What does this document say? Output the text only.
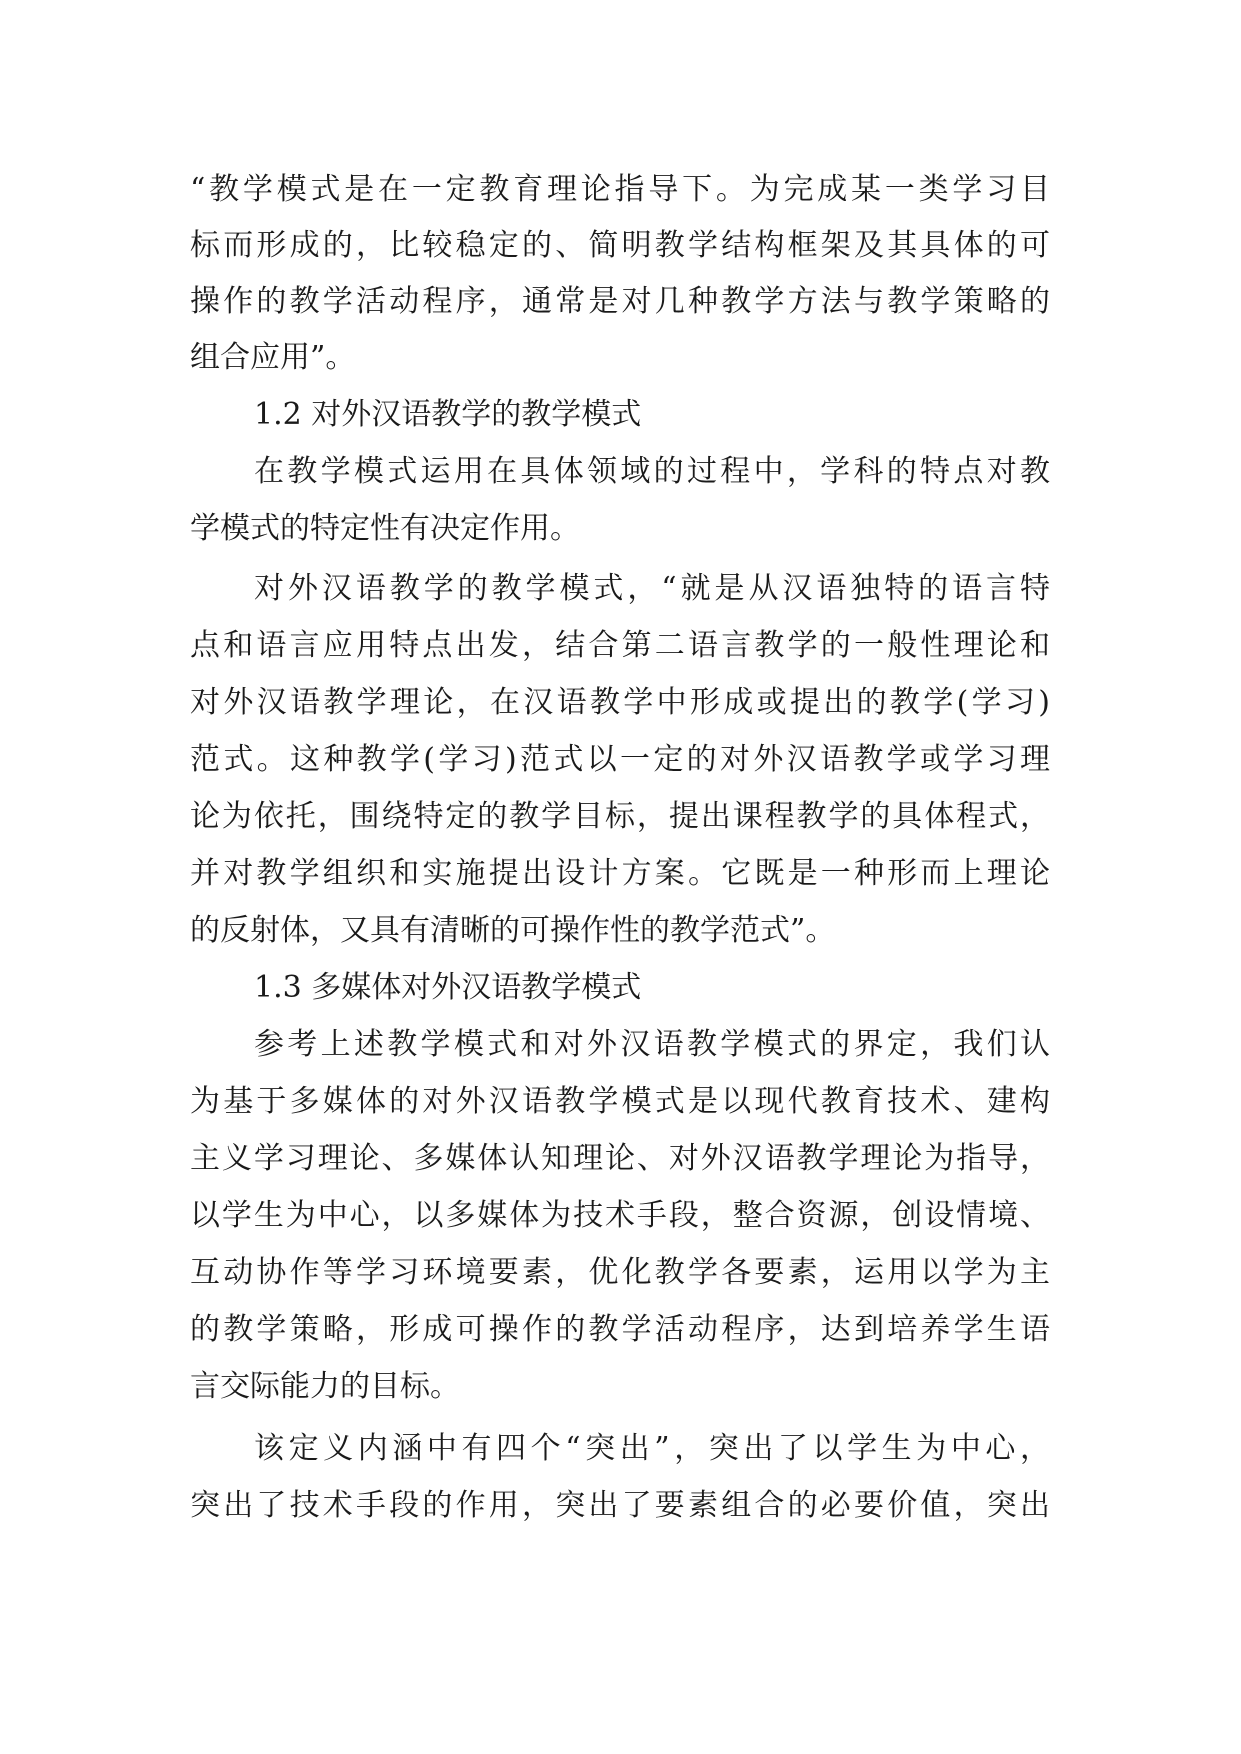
“教学模式是在一定教育理论指导下。为完成某一类学习目
标而形成的，比较稳定的、简明教学结构框架及其具体的可
操作的教学活动程序，通常是对几种教学方法与教学策略的
组合应用”。
1.2 对外汉语教学的教学模式
在教学模式运用在具体领域的过程中，学科的特点对教
学模式的特定性有决定作用。
对外汉语教学的教学模式，“就是从汉语独特的语言特
点和语言应用特点出发，结合第二语言教学的一般性理论和
对外汉语教学理论，在汉语教学中形成或提出的教学(学习)
范式。这种教学(学习)范式以一定的对外汉语教学或学习理
论为依托，围绕特定的教学目标，提出课程教学的具体程式，
并对教学组织和实施提出设计方案。它既是一种形而上理论
的反射体，又具有清晰的可操作性的教学范式”。
1.3 多媒体对外汉语教学模式
参考上述教学模式和对外汉语教学模式的界定，我们认
为基于多媒体的对外汉语教学模式是以现代教育技术、建构
主义学习理论、多媒体认知理论、对外汉语教学理论为指导，
以学生为中心，以多媒体为技术手段，整合资源，创设情境、
互动协作等学习环境要素，优化教学各要素，运用以学为主
的教学策略，形成可操作的教学活动程序，达到培养学生语
言交际能力的目标。
该定义内涵中有四个“突出”，突出了以学生为中心，
突出了技术手段的作用，突出了要素组合的必要价值，突出
